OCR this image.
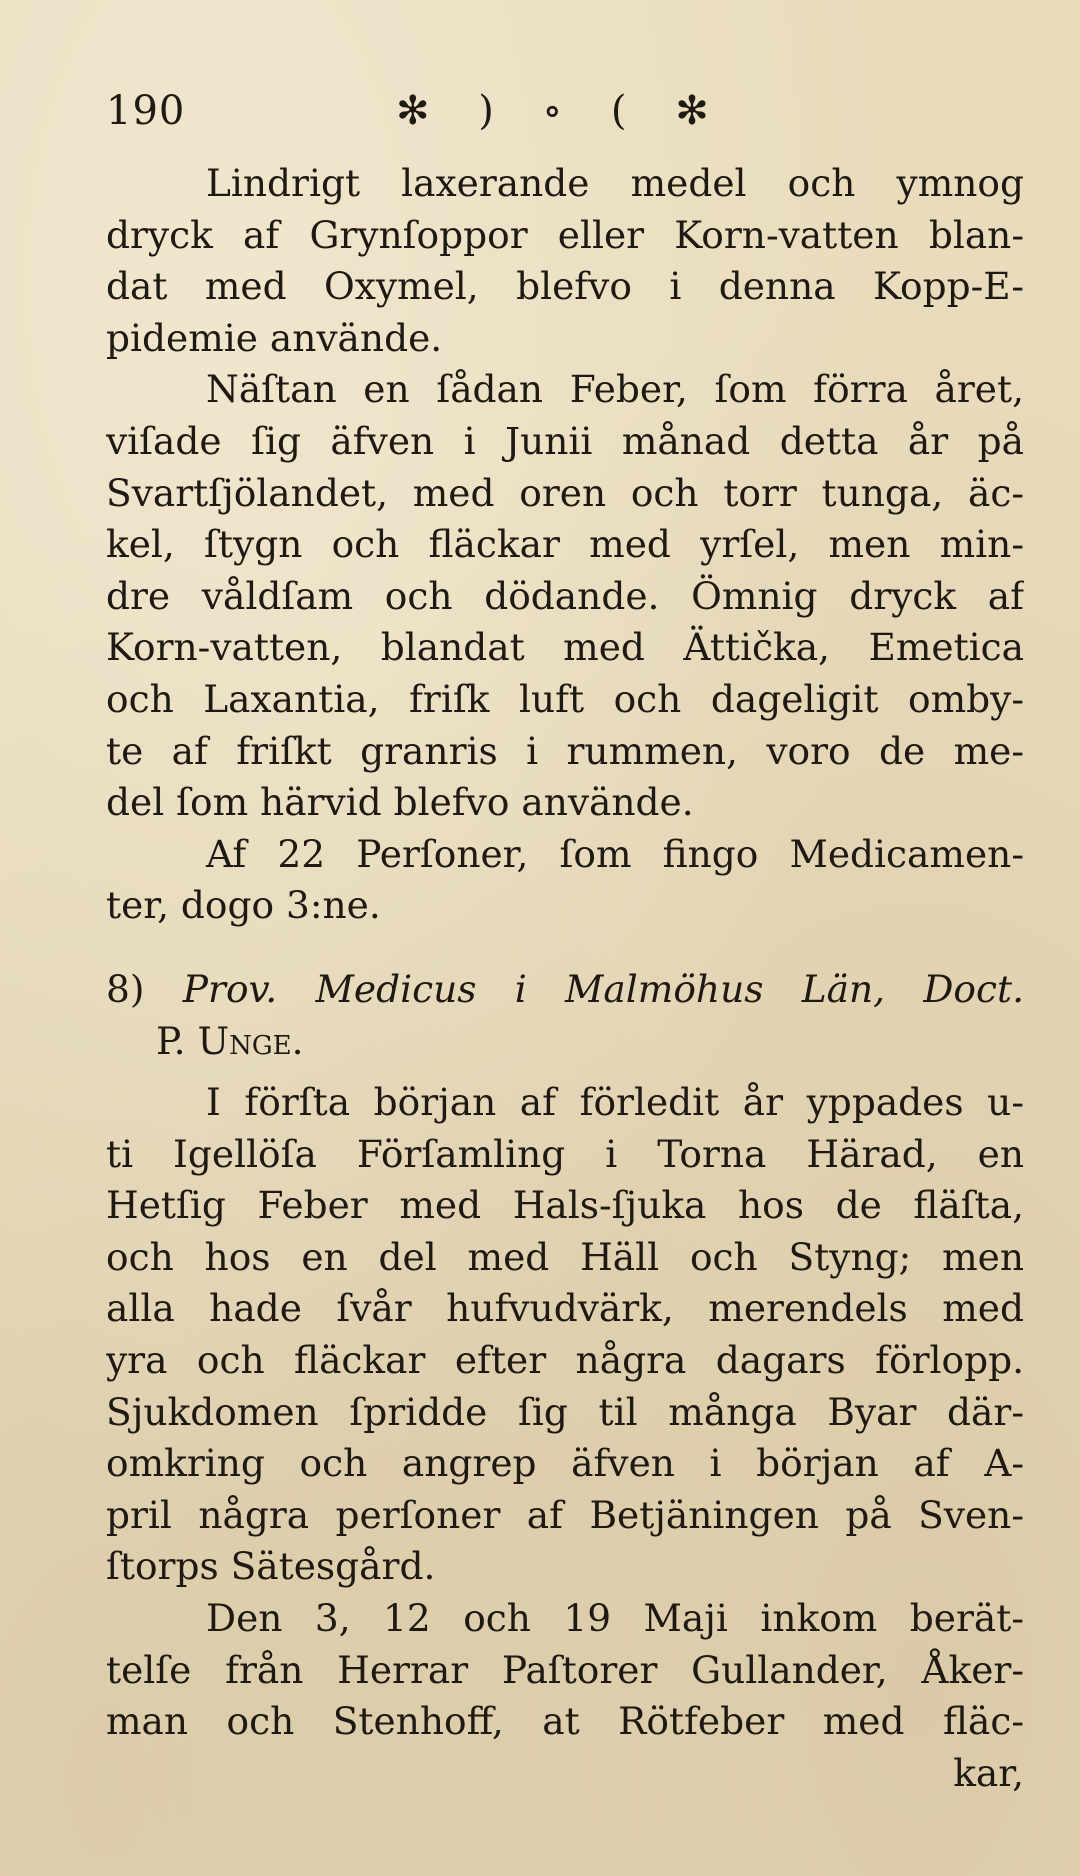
190	✻ ) ∘ ( ✻
Lindrigt laxerande medel och ymnog
dryck af Grynſoppor eller Korn-vatten blan-
dat med Oxymel, blefvo i denna Kopp-E-
pidemie använde.
Näſtan en ſådan Feber, ſom förra året,
viſade ſig äfven i Junii månad detta år på
Svartſjölandet, med oren och torr tunga, äc-
kel, ſtygn och fläckar med yrſel, men min-
dre våldſam och dödande. Ömnig dryck af
Korn-vatten, blandat med Ättička, Emetica
och Laxantia, friſk luft och dageligit omby-
te af friſkt granris i rummen, voro de me-
del ſom härvid blefvo använde.
Af 22 Perſoner, ſom fingo Medicamen-
ter, dogo 3:ne.
8) Prov. Medicus i Malmöhus Län, Doct.
P. Unge.
I förſta början af förledit år yppades u-
ti Igellöſa Förſamling i Torna Härad, en
Hetſig Feber med Hals-ſjuka hos de fläſta,
och hos en del med Häll och Styng; men
alla hade ſvår hufvudvärk, merendels med
yra och fläckar efter några dagars förlopp.
Sjukdomen ſpridde ſig til många Byar där-
omkring och angrep äfven i början af A-
pril några perſoner af Betjäningen på Sven-
ſtorps Sätesgård.
Den 3, 12 och 19 Maji inkom berät-
telſe från Herrar Paſtorer Gullander, Åker-
man och Stenhoff, at Rötfeber med fläc-
kar,
